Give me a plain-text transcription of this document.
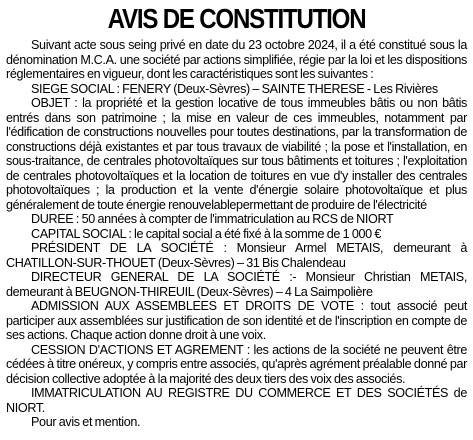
AVIS DE CONSTITUTION

Suivant acte sous seing privé en date du 23 octobre 2024, il a été constitué sous la dénomination M.C.A. une société par actions simplifiée, régie par la loi et les dispositions réglementaires en vigueur, dont les caractéristiques sont les suivantes :

SIEGE SOCIAL : FENERY (Deux-Sèvres) – SAINTE THERESE - Les Rivières

OBJET : la propriété et la gestion locative de tous immeubles bâtis ou non bâtis entrés dans son patrimoine ; la mise en valeur de ces immeubles, notamment par l'édification de constructions nouvelles pour toutes destinations, par la transformation de constructions déjà existantes et par tous travaux de viabilité ; la pose et l'installation, en sous-traitance, de centrales photovoltaïques sur tous bâtiments et toitures ; l'exploitation de centrales photovoltaïques et la location de toitures en vue d'y installer des centrales photovoltaïques ; la production et la vente d'énergie solaire photovoltaïque et plus généralement de toute énergie renouvelablepermettant de produire de l'électricité

DUREE : 50 années à compter de l'immatriculation au RCS de NIORT

CAPITAL SOCIAL : le capital social a été fixé à la somme de 1 000 €

PRÉSIDENT DE LA SOCIÉTÉ : Monsieur Armel METAIS, demeurant à CHATILLON-SUR-THOUET (Deux-Sèvres) – 31 Bis Chalendeau

DIRECTEUR GENERAL DE LA SOCIÉTÉ :- Monsieur Christian METAIS, demeurant à BEUGNON-THIREUIL (Deux-Sèvres) – 4 La Saimpolière

ADMISSION AUX ASSEMBLEES ET DROITS DE VOTE : tout associé peut participer aux assemblées sur justification de son identité et de l'inscription en compte de ses actions. Chaque action donne droit à une voix.

CESSION D'ACTIONS ET AGREMENT : les actions de la société ne peuvent être cédées à titre onéreux, y compris entre associés, qu'après agrément préalable donné par décision collective adoptée à la majorité des deux tiers des voix des associés.

IMMATRICULATION AU REGISTRE DU COMMERCE ET DES SOCIÉTÉS de NIORT.

Pour avis et mention.
